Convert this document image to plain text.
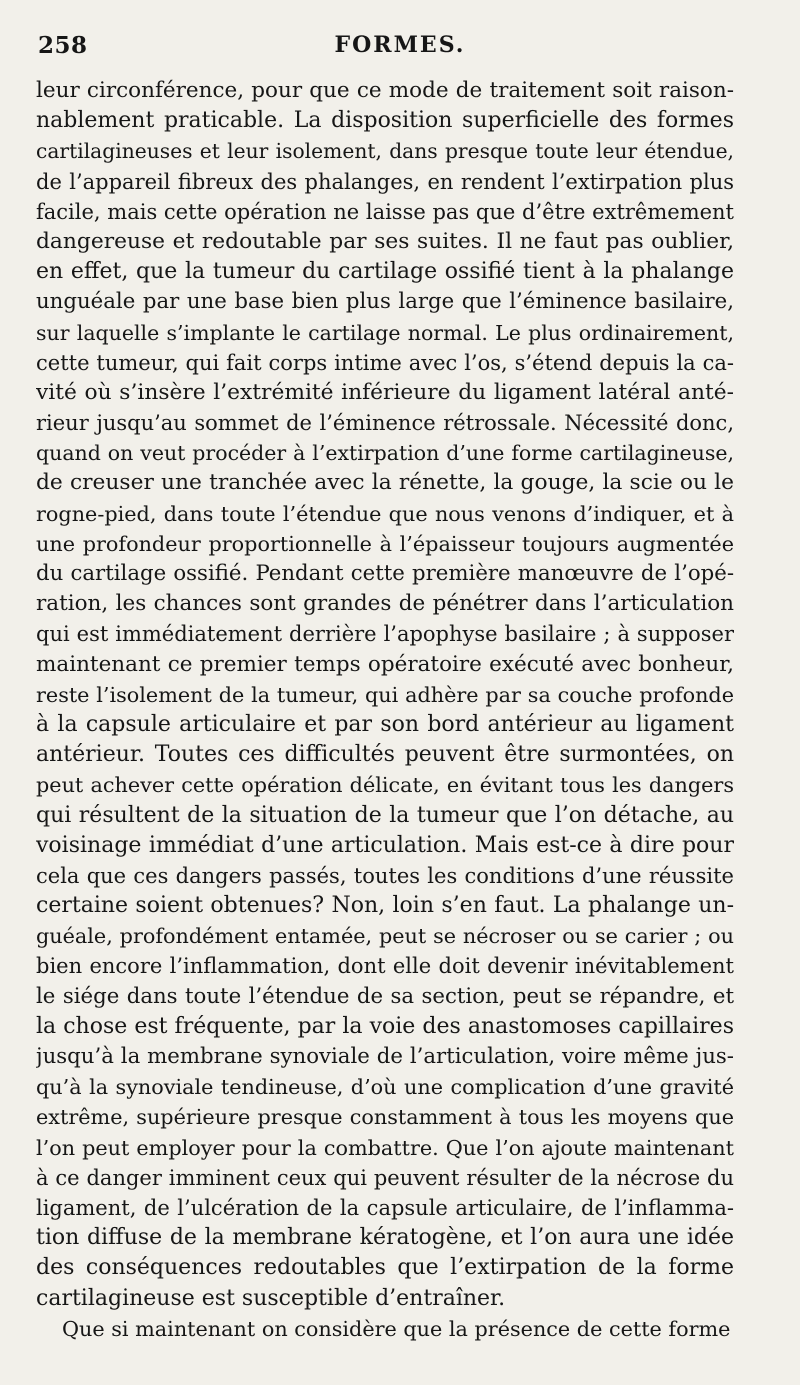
258	FORMES.
leur circonférence, pour que ce mode de traitement soit raison-
nablement praticable. La disposition superficielle des formes
cartilagineuses et leur isolement, dans presque toute leur étendue,
de l’appareil fibreux des phalanges, en rendent l’extirpation plus
facile, mais cette opération ne laisse pas que d’être extrêmement
dangereuse et redoutable par ses suites. Il ne faut pas oublier,
en effet, que la tumeur du cartilage ossifié tient à la phalange
unguéale par une base bien plus large que l’éminence basilaire,
sur laquelle s’implante le cartilage normal. Le plus ordinairement,
cette tumeur, qui fait corps intime avec l’os, s’étend depuis la ca-
vité où s’insère l’extrémité inférieure du ligament latéral anté-
rieur jusqu’au sommet de l’éminence rétrossale. Nécessité donc,
quand on veut procéder à l’extirpation d’une forme cartilagineuse,
de creuser une tranchée avec la rénette, la gouge, la scie ou le
rogne-pied, dans toute l’étendue que nous venons d’indiquer, et à
une profondeur proportionnelle à l’épaisseur toujours augmentée
du cartilage ossifié. Pendant cette première manœuvre de l’opé-
ration, les chances sont grandes de pénétrer dans l’articulation
qui est immédiatement derrière l’apophyse basilaire ; à supposer
maintenant ce premier temps opératoire exécuté avec bonheur,
reste l’isolement de la tumeur, qui adhère par sa couche profonde
à la capsule articulaire et par son bord antérieur au ligament
antérieur. Toutes ces difficultés peuvent être surmontées, on
peut achever cette opération délicate, en évitant tous les dangers
qui résultent de la situation de la tumeur que l’on détache, au
voisinage immédiat d’une articulation. Mais est-ce à dire pour
cela que ces dangers passés, toutes les conditions d’une réussite
certaine soient obtenues? Non, loin s’en faut. La phalange un-
guéale, profondément entamée, peut se nécroser ou se carier ; ou
bien encore l’inflammation, dont elle doit devenir inévitablement
le siége dans toute l’étendue de sa section, peut se répandre, et
la chose est fréquente, par la voie des anastomoses capillaires
jusqu’à la membrane synoviale de l’articulation, voire même jus-
qu’à la synoviale tendineuse, d’où une complication d’une gravité
extrême, supérieure presque constamment à tous les moyens que
l’on peut employer pour la combattre. Que l’on ajoute maintenant
à ce danger imminent ceux qui peuvent résulter de la nécrose du
ligament, de l’ulcération de la capsule articulaire, de l’inflamma-
tion diffuse de la membrane kératogène, et l’on aura une idée
des conséquences redoutables que l’extirpation de la forme
cartilagineuse est susceptible d’entraîner.
Que si maintenant on considère que la présence de cette forme
